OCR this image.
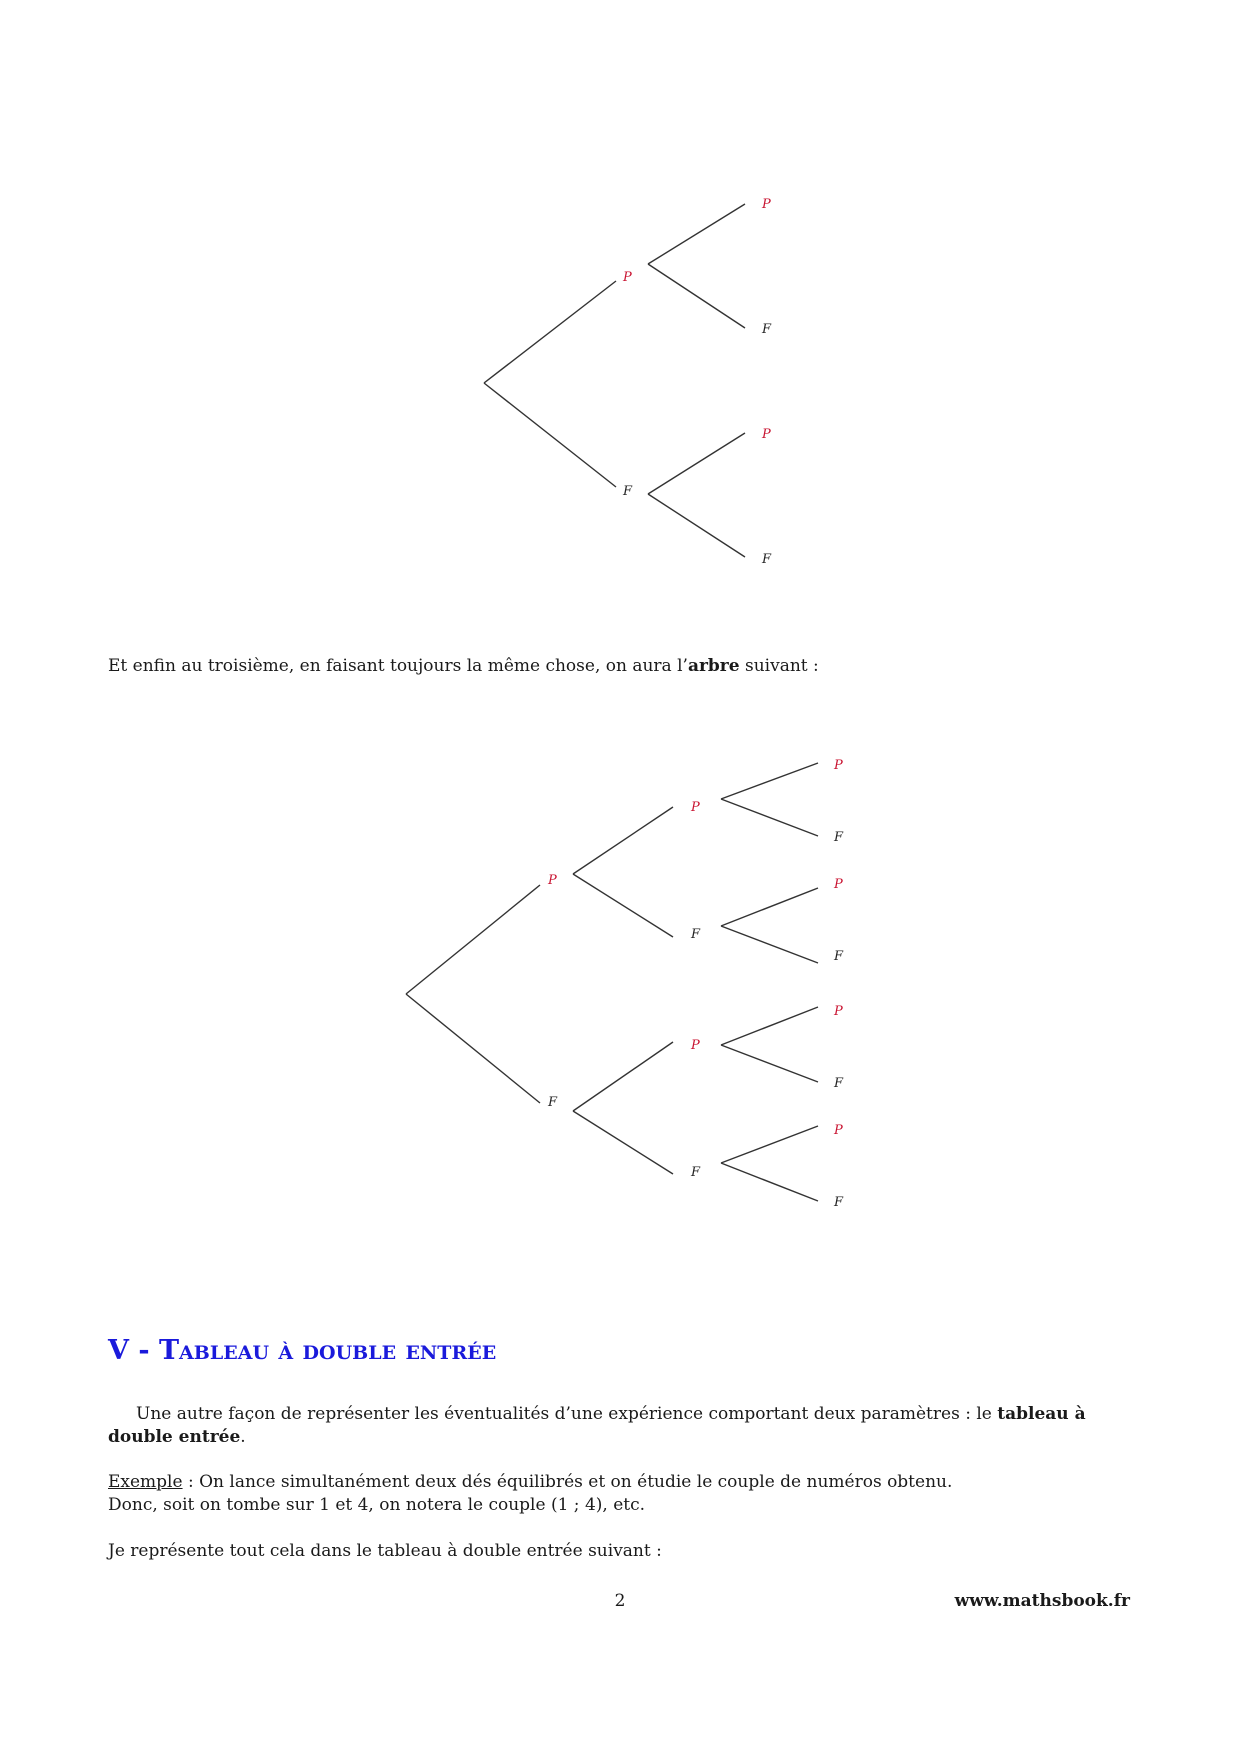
P
F
P
F
P
F
Et enfin au troisième, en faisant toujours la même chose, on aura l’arbre suivant :
P
F
P
F
P
F
P
F
P
F
P
F
P
F
V - Tableau à double entrée
Une autre façon de représenter les éventualités d’une expérience comportant deux paramètres : le tableau à double entrée.
Exemple : On lance simultanément deux dés équilibrés et on étudie le couple de numéros obtenu.
Donc, soit on tombe sur 1 et 4, on notera le couple (1 ; 4), etc.
Je représente tout cela dans le tableau à double entrée suivant :
2	www.mathsbook.fr
